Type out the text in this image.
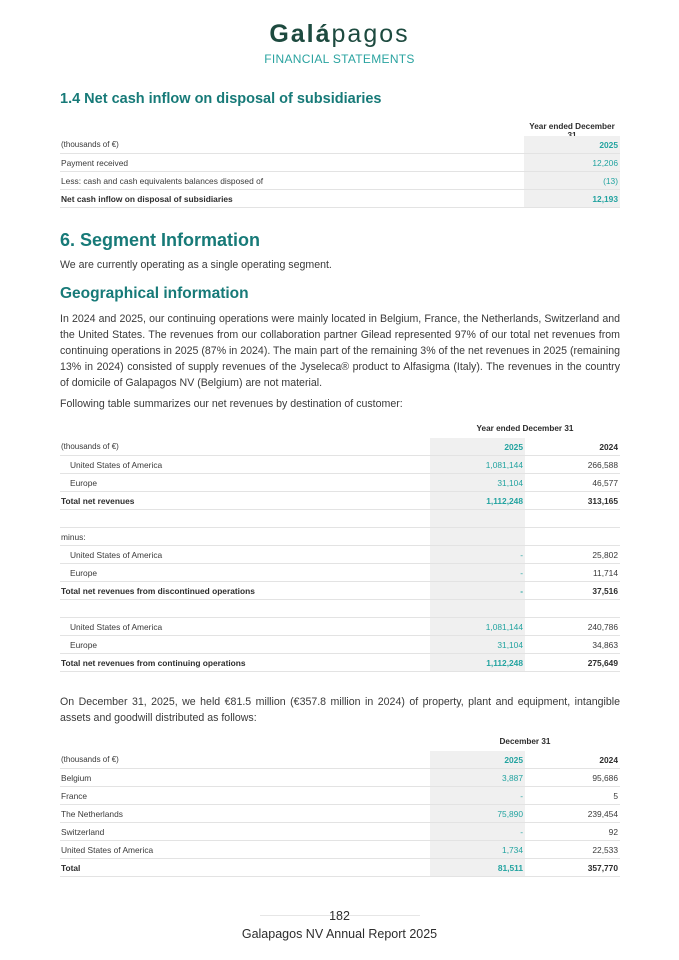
Galápagos
FINANCIAL STATEMENTS
1.4 Net cash inflow on disposal of subsidiaries
Year ended December
(thousands of €)	2025
Payment received	12,206
Less: cash and cash equivalents balances disposed of	(13)
Net cash inflow on disposal of subsidiaries	12,193
6. Segment Information

We are currently operating as a single operating segment.

Geographical information

In 2024 and 2025, our continuing operations were mainly located in Belgium, France, the Netherlands, Switzerland and the United States. The revenues from our collaboration partner Gilead represented 97% of our total net revenues from continuing operations in 2025 (87% in 2024). The main part of the remaining 3% of the net revenues in 2025 (remaining 13% in 2024) consisted of supply revenues of the Jyseleca® product to Alfasigma (Italy). The revenues in the country of domicile of Galapagos NV (Belgium) are not material.

Following table summarizes our net revenues by destination of customer:

Year ended December 31
(thousands of €)	2025	2024
United States of America	1,081,144	266,588
Europe	31,104	46,577
Total net revenues	1,112,248	313,165
minus:
United States of America	-	25,802
Europe	-	11,714
Total net revenues from discontinued operations	-	37,516
United States of America	1,081,144	240,786
Europe	31,104	34,863
Total net revenues from continuing operations	1,112,248	275,649

On December 31, 2025, we held €81.5 million (€357.8 million in 2024) of property, plant and equipment, intangible assets and goodwill distributed as follows:

December 31
(thousands of €)	2025	2024
Belgium	3,887	95,686
France	-	5
The Netherlands	75,890	239,454
Switzerland	-	92
United States of America	1,734	22,533
Total	81,511	357,770
182
Galapagos NV Annual Report 2025
